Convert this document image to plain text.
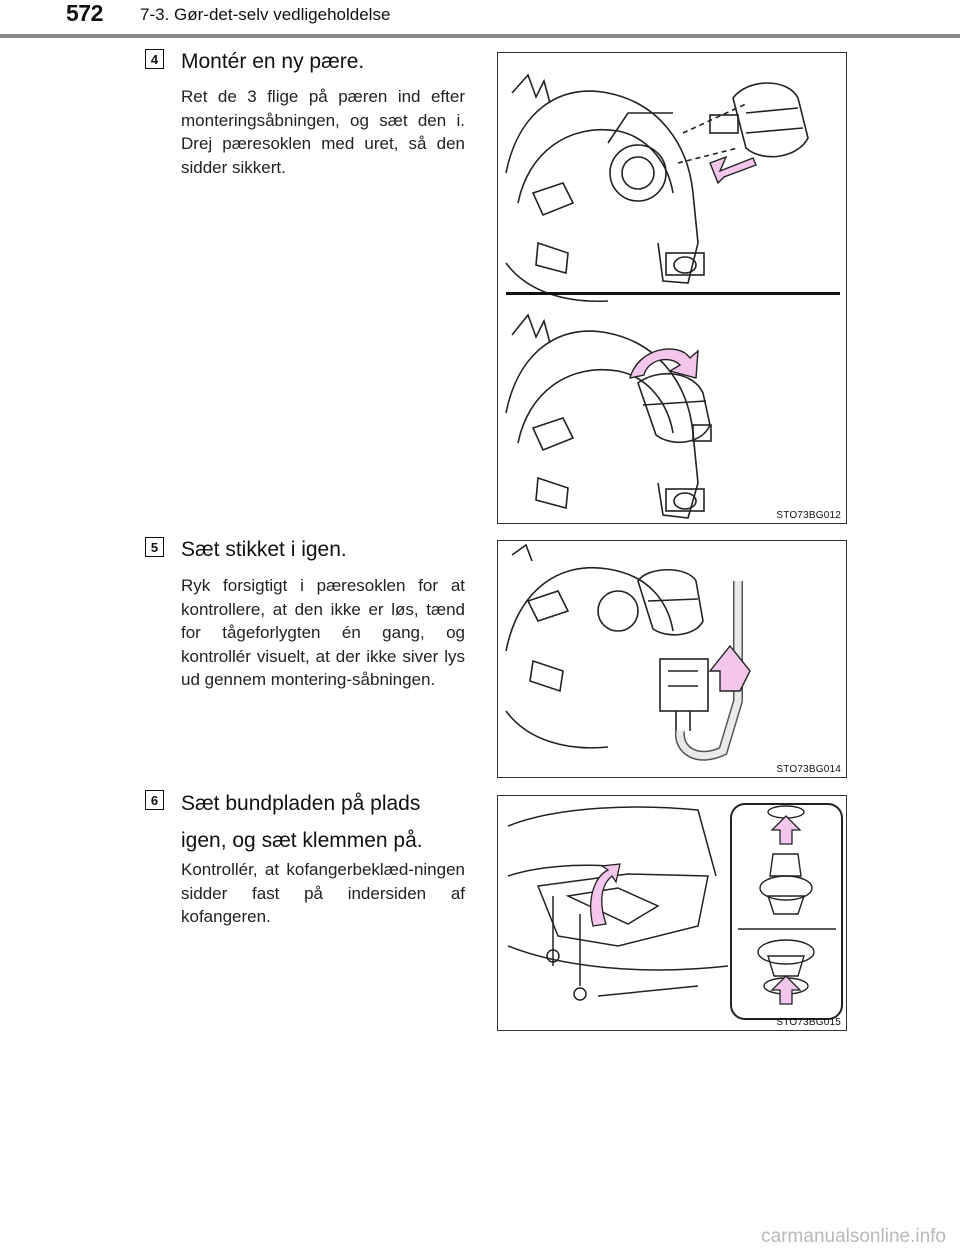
572 7-3. Gør-det-selv vedligeholdelse
4 Montér en ny pære.
Ret de 3 flige på pæren ind efter monteringsåbningen, og sæt den i. Drej pæresoklen med uret, så den sidder sikkert.
STO73BG012
5 Sæt stikket i igen.
Ryk forsigtigt i pæresoklen for at kontrollere, at den ikke er løs, tænd for tågeforlygten én gang, og kontrollér visuelt, at der ikke siver lys ud gennem montering-såbningen.
STO73BG014
6 Sæt bundpladen på plads igen, og sæt klemmen på.
Kontrollér, at kofangerbeklæd-ningen sidder fast på indersiden af kofangeren.
STO73BG015
carmanualsonline.info
